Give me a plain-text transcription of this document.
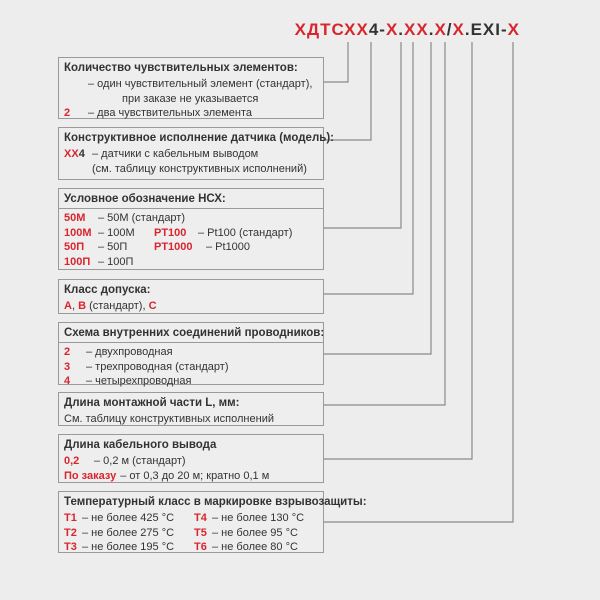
ХДТСХХ4-Х.ХХ.Х/Х.EXI-Х
Количество чувствительных элементов:
– один чувствительный элемент (стандарт),
при заказе не указывается
2	– два чувствительных элемента
Конструктивное исполнение датчика (модель):
ХХ4 – датчики с кабельным выводом
(см. таблицу конструктивных исполнений)
Условное обозначение НСХ:
50М	– 50М (стандарт)
100М – 100М	PT100	– Pt100 (стандарт)
50П	– 50П	PT1000	– Pt1000
100П – 100П
Класс допуска:
А , В (стандарт), С
Схема внутренних соединений проводников:
2	– двухпроводная
3	– трехпроводная (стандарт)
4	– четырехпроводная
Длина монтажной части L, мм:
См. таблицу конструктивных исполнений
Длина кабельного вывода
0,2	– 0,2 м (стандарт)
По заказу – от 0,3 до 20 м; кратно 0,1 м
Температурный класс в маркировке взрывозащиты:
Т1 – не более 425 °С	Т4 – не более 130 °С
Т2 – не более 275 °С	Т5 – не более 95 °С
Т3 – не более 195 °С	Т6 – не более 80 °С
